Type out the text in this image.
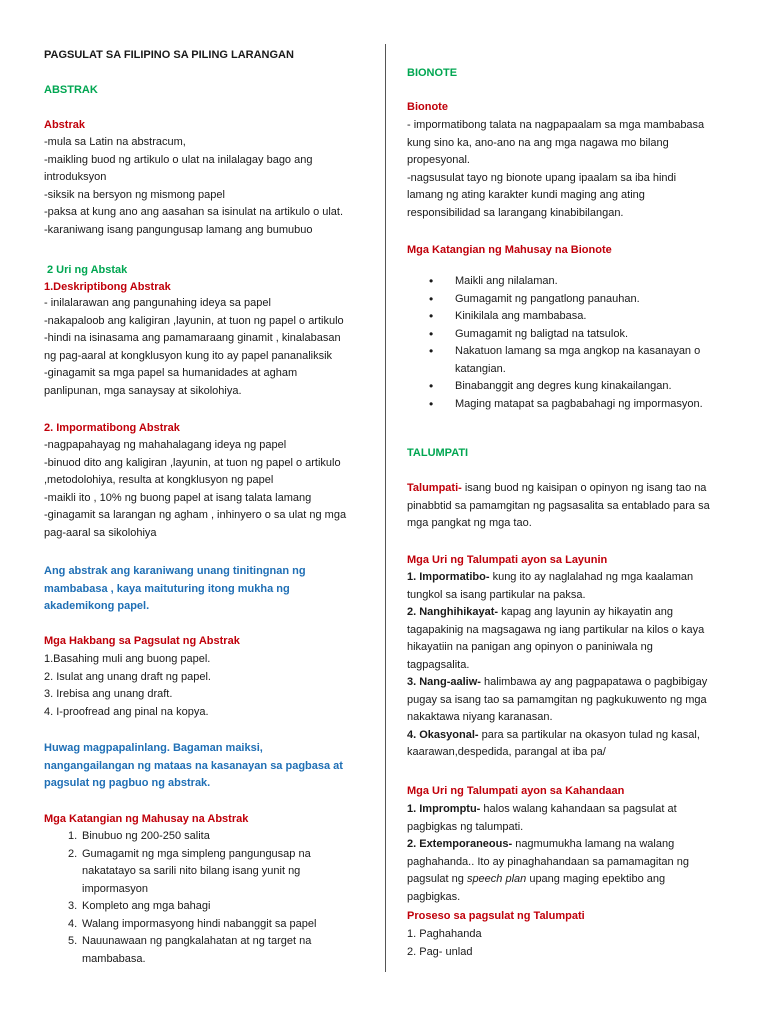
PAGSULAT SA FILIPINO SA PILING LARANGAN
ABSTRAK
Abstrak
-mula sa Latin na abstracum,
-maikling buod ng artikulo o ulat na inilalagay bago ang
introduksyon
-siksik na bersyon ng mismong papel
-paksa at kung ano ang aasahan sa isinulat na artikulo o ulat.
-karaniwang isang pangungusap lamang ang bumubuo
2 Uri ng Abstak
1.Deskriptibong Abstrak
- inilalarawan ang pangunahing ideya sa papel
-nakapaloob ang kaligiran ,layunin, at tuon ng papel o artikulo
-hindi na isinasama ang pamamaraang ginamit , kinalabasan
ng pag-aaral at kongklusyon kung ito ay papel pananaliksik
-ginagamit sa mga papel sa humanidades at agham
panlipunan, mga sanaysay at sikolohiya.
2. Impormatibong Abstrak
-nagpapahayag ng mahahalagang ideya ng papel
-binuod dito ang kaligiran ,layunin, at tuon ng papel o artikulo
,metodolohiya, resulta at kongklusyon ng papel
-maikli ito , 10% ng buong papel at isang talata lamang
-ginagamit sa larangan ng agham , inhinyero o sa ulat ng mga
pag-aaral sa sikolohiya
Ang abstrak ang karaniwang unang tinitingnan ng
mambabasa , kaya maituturing itong mukha ng
akademikong papel.
Mga Hakbang sa Pagsulat ng Abstrak
1.Basahing muli ang buong papel.
2. Isulat ang unang draft ng papel.
3. Irebisa ang unang draft.
4. I-proofread ang pinal na kopya.
Huwag magpapalinlang. Bagaman maiksi,
nangangailangan ng mataas na kasanayan sa pagbasa at
pagsulat ng pagbuo ng abstrak.
Mga Katangian ng Mahusay na Abstrak
1. Binubuo ng 200-250 salita
2. Gumagamit ng mga simpleng pangungusap na
nakatatayo sa sarili nito bilang isang yunit ng
impormasyon
3. Kompleto ang mga bahagi
4. Walang impormasyong hindi nabanggit sa papel
5. Nauunawaan ng pangkalahatan at ng target na
mambabasa.
BIONOTE
Bionote
- impormatibong talata na nagpapaalam sa mga mambabasa
kung sino ka, ano-ano na ang mga nagawa mo bilang
propesyonal.
-nagsusulat tayo ng bionote upang ipaalam sa iba hindi
lamang ng ating karakter kundi maging ang ating
responsibilidad sa larangang kinabibilangan.
Mga Katangian ng Mahusay na Bionote
• Maikli ang nilalaman.
• Gumagamit ng pangatlong panauhan.
• Kinikilala ang mambabasa.
• Gumagamit ng baligtad na tatsulok.
• Nakatuon lamang sa mga angkop na kasanayan o
katangian.
• Binabanggit ang degres kung kinakailangan.
• Maging matapat sa pagbabahagi ng impormasyon.
TALUMPATI
Talumpati- isang buod ng kaisipan o opinyon ng isang tao na
pinabbtid sa pamamgitan ng pagsasalita sa entablado para sa
mga pangkat ng mga tao.
Mga Uri ng Talumpati ayon sa Layunin
1. Impormatibo- kung ito ay naglalahad ng mga kaalaman
tungkol sa isang partikular na paksa.
2. Nanghihikayat- kapag ang layunin ay hikayatin ang
tagapakinig na magsagawa ng iang partikular na kilos o kaya
hikayatiin na panigan ang opinyon o paniniwala ng
tagpagsalita.
3. Nang-aaliw- halimbawa ay ang pagpapatawa o pagbibigay
pugay sa isang tao sa pamamgitan ng pagkukuwento ng mga
nakaktawa niyang karanasan.
4. Okasyonal- para sa partikular na okasyon tulad ng kasal,
kaarawan,despedida, parangal at iba pa/
Mga Uri ng Talumpati ayon sa Kahandaan
1. Impromptu- halos walang kahandaan sa pagsulat at
pagbigkas ng talumpati.
2. Extemporaneous- nagmumukha lamang na walang
paghahanda.. Ito ay pinaghahandaan sa pamamagitan ng
pagsulat ng speech plan upang maging epektibo ang
pagbigkas.
Proseso sa pagsulat ng Talumpati
1. Paghahanda
2. Pag- unlad
